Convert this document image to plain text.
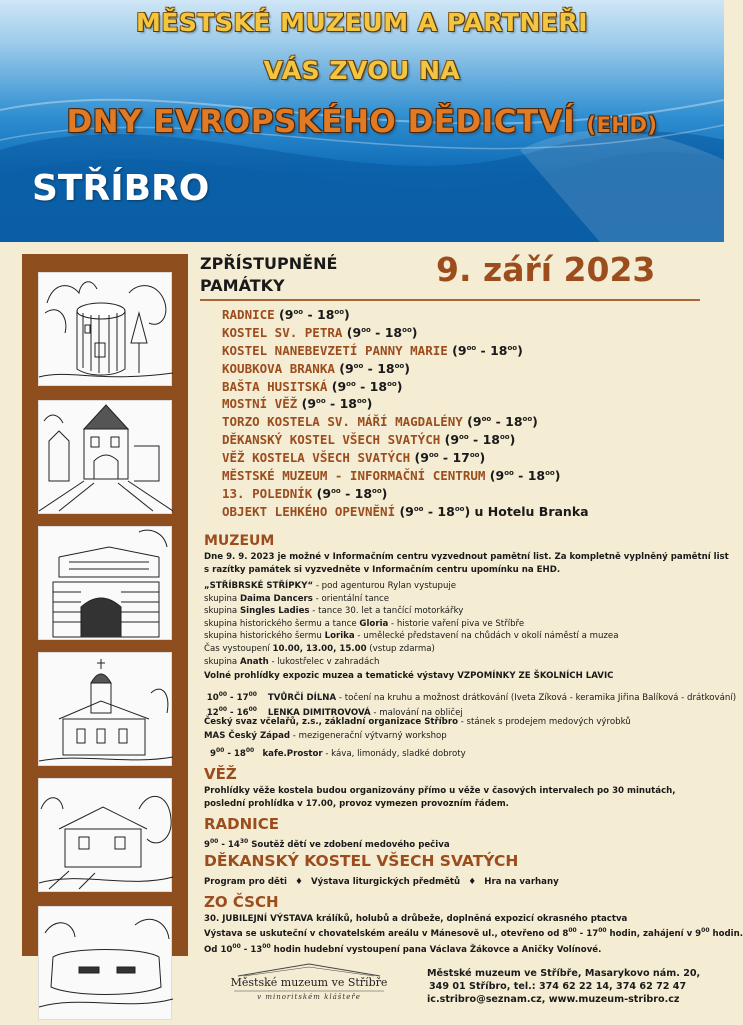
MĚSTSKÉ MUZEUM A PARTNEŘI
VÁS ZVOU NA
DNY EVROPSKÉHO DĚDICTVÍ (EHD)
STŘÍBRO
ZPŘÍSTUPNĚNÉ
PAMÁTKY	9. září 2023
RADNICE $(9^{oo} - 18^{oo})$
KOSTEL SV. PETRA $(9^{oo} - 18^{oo})$
KOSTEL NANEBEVZETÍ PANNY MARIE $(9^{oo} - 18^{oo})$
KOUBKOVA BRANKA $(9^{oo} - 18^{oo})$
BAŠTA HUSITSKÁ $(9^{oo} - 18^{oo})$
MOSTNÍ VĚŽ $(9^{oo} - 18^{oo})$
TORZO KOSTELA SV. MÁŘÍ MAGDALÉNY $(9^{oo} - 18^{oo})$
DĚKANSKÝ KOSTEL VŠECH SVATÝCH $(9^{oo} - 18^{oo})$
VĚŽ KOSTELA VŠECH SVATÝCH $(9^{oo} - 17^{oo})$
MĚSTSKÉ MUZEUM - INFORMAČNÍ CENTRUM $(9^{oo} - 18^{oo})$
13. POLEDNÍK $(9^{oo} - 18^{oo})$
OBJEKT LEHKÉHO OPEVNĚNÍ $(9^{oo} - 18^{oo})$ u Hotelu Branka
MUZEUM
Dne 9. 9. 2023 je možné v Informačním centru vyzvednout pamětní list. Za kompletně vyplněný pamětní list
s razítky památek si vyzvedněte v Informačním centru upomínku na EHD.
„STŘÍBRSKÉ STŘÍPKY“ - pod agenturou Rylan vystupuje
skupina Daima Dancers - orientální tance
skupina Singles Ladies - tance 30. let a tančící motorkářky
skupina historického šermu a tance Gloria - historie vaření piva ve Stříbře
skupina historického šermu Lorika - umělecké představení na chůdách v okolí náměstí a muzea
Čas vystoupení 10.00, 13.00, 15.00 (vstup zdarma)
skupina Anath - lukostřelec v zahradách
Volné prohlídky expozic muzea a tematické výstavy VZPOMÍNKY ZE ŠKOLNÍCH LAVIC
$10^{00} - 17^{00}$ TVŮRČÍ DÍLNA - točení na kruhu a možnost drátkování (Iveta Zíková - keramika Jiřina Balíková - drátkování)
$12^{00} - 16^{00}$ LENKA DIMITROVOVÁ - malování na obličej
Český svaz včelařů, z.s., základní organizace Stříbro - stánek s prodejem medových výrobků
MAS Český Západ - mezigenerační výtvarný workshop
$9^{00} - 18^{00}$ kafe.Prostor - káva, limonády, sladké dobroty
VĚŽ
Prohlídky věže kostela budou organizovány přímo u věže v časových intervalech po 30 minutách,
poslední prohlídka v 17.00, provoz vymezen provozním řádem.
RADNICE
$9^{00} - 14^{30}$ Soutěž dětí ve zdobení medového pečiva
DĚKANSKÝ KOSTEL VŠECH SVATÝCH
Program pro děti ♦ Výstava liturgických předmětů ♦ Hra na varhany
ZO ČSCH
30. JUBILEJNÍ VÝSTAVA králíků, holubů a drůbeže, doplněná expozicí okrasného ptactva
Výstava se uskuteční v chovatelském areálu v Mánesově ul., otevřeno od $8^{00} - 17^{00}$ hodin, zahájení v $9^{00}$ hodin.
Od $10^{00} - 13^{00}$ hodin hudební vystoupení pana Václava Žákovce a Aničky Volínové.
Městské muzeum ve Stříbře
v minoritském klášteře
Městské muzeum ve Stříbře, Masarykovo nám. 20,
349 01 Stříbro, tel.: 374 62 22 14, 374 62 72 47
ic.stribro@seznam.cz, www.muzeum-stribro.cz
